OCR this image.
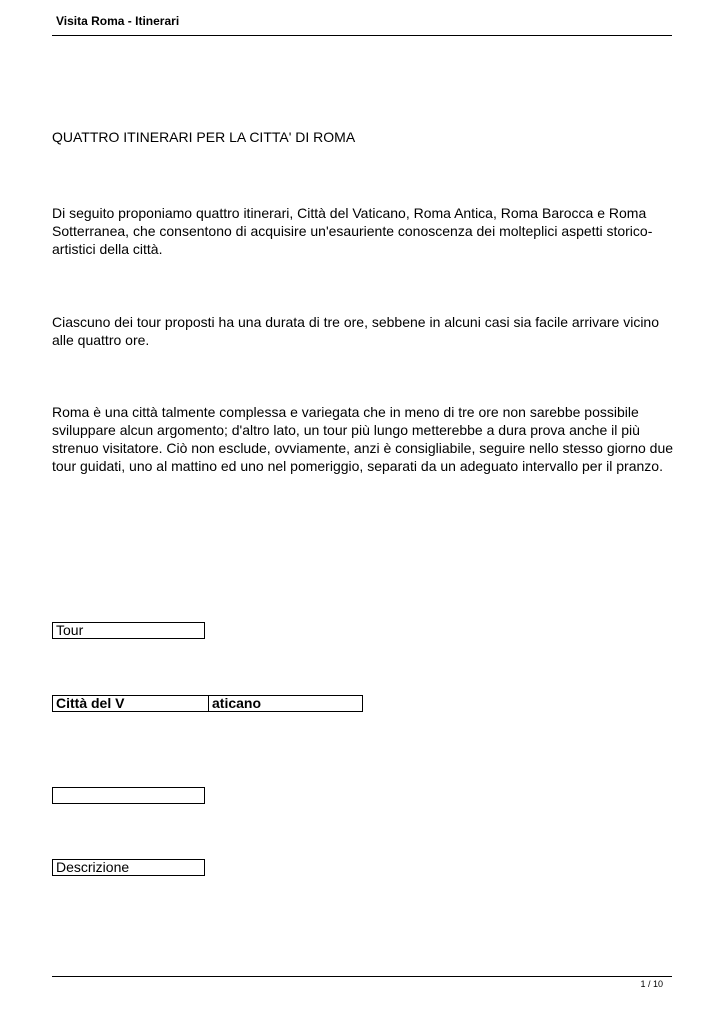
Visita Roma - Itinerari
QUATTRO ITINERARI PER LA CITTA' DI ROMA

Di seguito proponiamo quattro itinerari, Città del Vaticano, Roma Antica, Roma Barocca e Roma Sotterranea, che consentono di acquisire un'esauriente conoscenza dei molteplici aspetti storico-artistici della città.

Ciascuno dei tour proposti ha una durata di tre ore, sebbene in alcuni casi sia facile arrivare vicino alle quattro ore.

Roma è una città talmente complessa e variegata che in meno di tre ore non sarebbe possibile sviluppare alcun argomento; d'altro lato, un tour più lungo metterebbe a dura prova anche il più strenuo visitatore. Ciò non esclude, ovviamente, anzi è consigliabile, seguire nello stesso giorno due tour guidati, uno al mattino ed uno nel pomeriggio, separati da un adeguato intervallo per il pranzo.

Tour
Città del V	aticano
Descrizione
1 / 10
